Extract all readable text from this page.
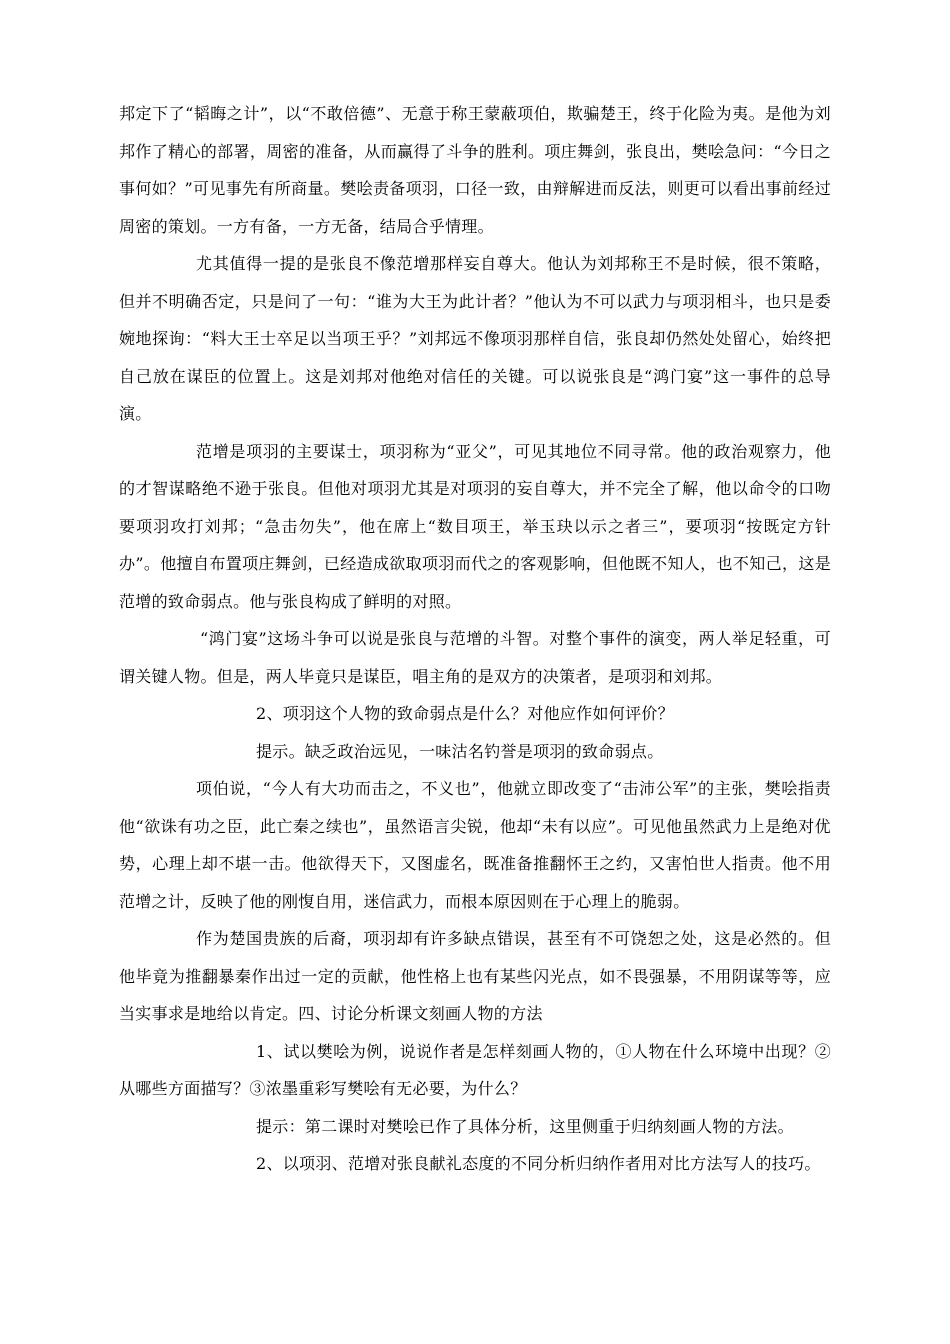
邦定下了“韬晦之计”，以“不敢倍德”、无意于称王蒙蔽项伯，欺骗楚王，终于化险为夷。是他为刘邦作了精心的部署，周密的准备，从而赢得了斗争的胜利。项庄舞剑，张良出，樊哙急问：“今日之事何如？”可见事先有所商量。樊哙责备项羽，口径一致，由辩解进而反法，则更可以看出事前经过周密的策划。一方有备，一方无备，结局合乎情理。

尤其值得一提的是张良不像范增那样妄自尊大。他认为刘邦称王不是时候，很不策略，但并不明确否定，只是问了一句：“谁为大王为此计者？”他认为不可以武力与项羽相斗，也只是委婉地探询：“料大王士卒足以当项王乎？”刘邦远不像项羽那样自信，张良却仍然处处留心，始终把自己放在谋臣的位置上。这是刘邦对他绝对信任的关键。可以说张良是“鸿门宴”这一事件的总导演。

范增是项羽的主要谋士，项羽称为“亚父”，可见其地位不同寻常。他的政治观察力，他的才智谋略绝不逊于张良。但他对项羽尤其是对项羽的妄自尊大，并不完全了解，他以命令的口吻要项羽攻打刘邦；“急击勿失”，他在席上“数目项王，举玉玦以示之者三”，要项羽“按既定方针办”。他擅自布置项庄舞剑，已经造成欲取项羽而代之的客观影响，但他既不知人，也不知己，这是范增的致命弱点。他与张良构成了鲜明的对照。

“鸿门宴”这场斗争可以说是张良与范增的斗智。对整个事件的演变，两人举足轻重，可谓关键人物。但是，两人毕竟只是谋臣，唱主角的是双方的决策者，是项羽和刘邦。

2、项羽这个人物的致命弱点是什么？对他应作如何评价？

提示。缺乏政治远见，一味沽名钓誉是项羽的致命弱点。

项伯说，“今人有大功而击之，不义也”，他就立即改变了“击沛公军”的主张，樊哙指责他“欲诛有功之臣，此亡秦之续也”，虽然语言尖锐，他却“未有以应”。可见他虽然武力上是绝对优势，心理上却不堪一击。他欲得天下，又图虚名，既准备推翻怀王之约，又害怕世人指责。他不用范增之计，反映了他的刚愎自用，迷信武力，而根本原因则在于心理上的脆弱。

作为楚国贵族的后裔，项羽却有许多缺点错误，甚至有不可饶恕之处，这是必然的。但他毕竟为推翻暴秦作出过一定的贡献，他性格上也有某些闪光点，如不畏强暴，不用阴谋等等，应当实事求是地给以肯定。四、讨论分析课文刻画人物的方法

1、试以樊哙为例，说说作者是怎样刻画人物的，①人物在什么环境中出现？②从哪些方面描写？③浓墨重彩写樊哙有无必要，为什么？

提示：第二课时对樊哙已作了具体分析，这里侧重于归纳刻画人物的方法。

2、以项羽、范增对张良献礼态度的不同分析归纳作者用对比方法写人的技巧。
